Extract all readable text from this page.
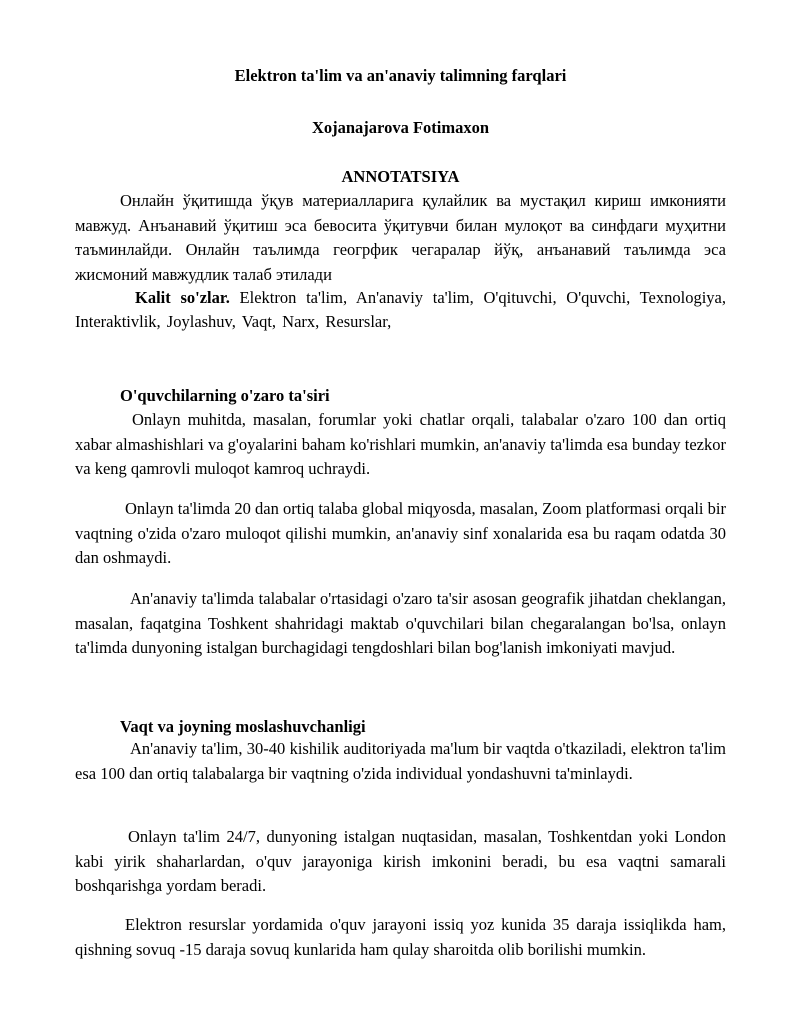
Elektron ta'lim va an'anaviy talimning farqlari
Xojanajarova Fotimaxon
ANNOTATSIYA

Онлайн ўқитишда ўқув материалларига қулайлик ва мустақил кириш имконияти мавжуд. Анъанавий ўқитиш эса бевосита ўқитувчи билан мулоқот ва синфдаги муҳитни таъминлайди. Онлайн таълимда геогрфик чегаралар йўқ, анъанавий таълимда эса жисмоний мавжудлик талаб этилади

Kalit so'zlar. Elektron ta'lim, An'anaviy ta'lim, O'qituvchi, O'quvchi, Texnologiya, Interaktivlik, Joylashuv, Vaqt, Narx, Resurslar,

O'quvchilarning o'zaro ta'siri

Onlayn muhitda, masalan, forumlar yoki chatlar orqali, talabalar o'zaro 100 dan ortiq xabar almashishlari va g'oyalarini baham ko'rishlari mumkin, an'anaviy ta'limda esa bunday tezkor va keng qamrovli muloqot kamroq uchraydi.

Onlayn ta'limda 20 dan ortiq talaba global miqyosda, masalan, Zoom platformasi orqali bir vaqtning o'zida o'zaro muloqot qilishi mumkin, an'anaviy sinf xonalarida esa bu raqam odatda 30 dan oshmaydi.

An'anaviy ta'limda talabalar o'rtasidagi o'zaro ta'sir asosan geografik jihatdan cheklangan, masalan, faqatgina Toshkent shahridagi maktab o'quvchilari bilan chegaralangan bo'lsa, onlayn ta'limda dunyoning istalgan burchagidagi tengdoshlari bilan bog'lanish imkoniyati mavjud.

Vaqt va joyning moslashuvchanligi

An'anaviy ta'lim, 30-40 kishilik auditoriyada ma'lum bir vaqtda o'tkaziladi, elektron ta'lim esa 100 dan ortiq talabalarga bir vaqtning o'zida individual yondashuvni ta'minlaydi.

Onlayn ta'lim 24/7, dunyoning istalgan nuqtasidan, masalan, Toshkentdan yoki London kabi yirik shaharlardan, o'quv jarayoniga kirish imkonini beradi, bu esa vaqtni samarali boshqarishga yordam beradi.

Elektron resurslar yordamida o'quv jarayoni issiq yoz kunida 35 daraja issiqlikda ham, qishning sovuq -15 daraja sovuq kunlarida ham qulay sharoitda olib borilishi mumkin.
